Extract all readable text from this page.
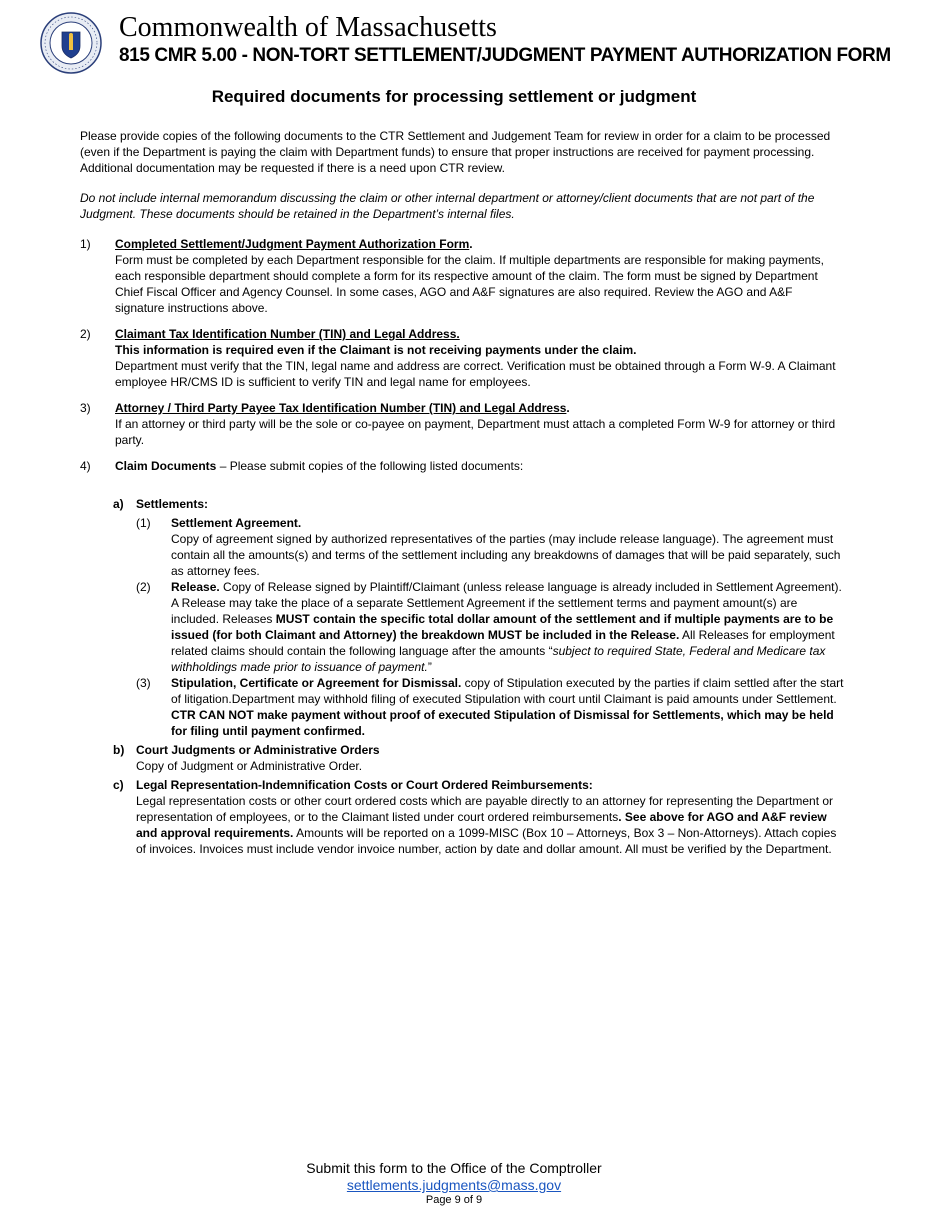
Commonwealth of Massachusetts
815 CMR 5.00 - NON-TORT SETTLEMENT/JUDGMENT PAYMENT AUTHORIZATION FORM
Required documents for processing settlement or judgment

Please provide copies of the following documents to the CTR Settlement and Judgement Team for review in order for a claim to be processed (even if the Department is paying the claim with Department funds) to ensure that proper instructions are received for payment processing. Additional documentation may be requested if there is a need upon CTR review.

Do not include internal memorandum discussing the claim or other internal department or attorney/client documents that are not part of the Judgment. These documents should be retained in the Department’s internal files.

1) Completed Settlement/Judgment Payment Authorization Form.
Form must be completed by each Department responsible for the claim. If multiple departments are responsible for making payments, each responsible department should complete a form for its respective amount of the claim. The form must be signed by Department Chief Fiscal Officer and Agency Counsel. In some cases, AGO and A&F signatures are also required. Review the AGO and A&F signature instructions above.
2) Claimant Tax Identification Number (TIN) and Legal Address.
This information is required even if the Claimant is not receiving payments under the claim.
Department must verify that the TIN, legal name and address are correct. Verification must be obtained through a Form W-9. A Claimant employee HR/CMS ID is sufficient to verify TIN and legal name for employees.
3) Attorney / Third Party Payee Tax Identification Number (TIN) and Legal Address.
If an attorney or third party will be the sole or co-payee on payment, Department must attach a completed Form W-9 for attorney or third party.
4) Claim Documents – Please submit copies of the following listed documents:
a) Settlements:
(1) Settlement Agreement.
Copy of agreement signed by authorized representatives of the parties (may include release language). The agreement must contain all the amounts(s) and terms of the settlement including any breakdowns of damages that will be paid separately, such as attorney fees.
(2) Release. Copy of Release signed by Plaintiff/Claimant (unless release language is already included in Settlement Agreement). A Release may take the place of a separate Settlement Agreement if the settlement terms and payment amount(s) are included. Releases MUST contain the specific total dollar amount of the settlement and if multiple payments are to be issued (for both Claimant and Attorney) the breakdown MUST be included in the Release. All Releases for employment related claims should contain the following language after the amounts “subject to required State, Federal and Medicare tax withholdings made prior to issuance of payment.”
(3) Stipulation, Certificate or Agreement for Dismissal. copy of Stipulation executed by the parties if claim settled after the start of litigation.Department may withhold filing of executed Stipulation with court until Claimant is paid amounts under Settlement. CTR CAN NOT make payment without proof of executed Stipulation of Dismissal for Settlements, which may be held for filing until payment confirmed.
b) Court Judgments or Administrative Orders
Copy of Judgment or Administrative Order.
c) Legal Representation-Indemnification Costs or Court Ordered Reimbursements:
Legal representation costs or other court ordered costs which are payable directly to an attorney for representing the Department or representation of employees, or to the Claimant listed under court ordered reimbursements. See above for AGO and A&F review and approval requirements. Amounts will be reported on a 1099-MISC (Box 10 – Attorneys, Box 3 – Non-Attorneys). Attach copies of invoices. Invoices must include vendor invoice number, action by date and dollar amount. All must be verified by the Department.
Submit this form to the Office of the Comptroller
settlements.judgments@mass.gov
Page 9 of 9
